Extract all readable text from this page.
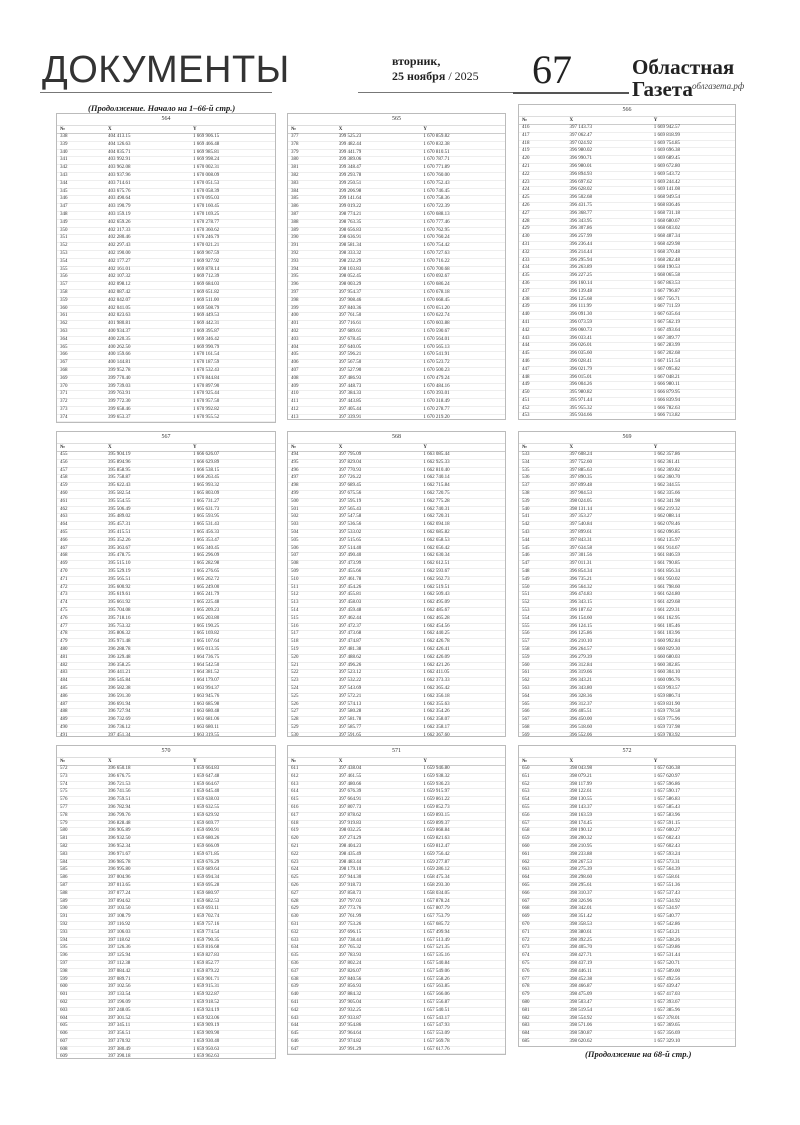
ДОКУМЕНТЫ	вторник,
25 ноября / 2025 67	Областная
Газета облгазета.рф
(Продолжение. Начало на 1–66-й стр.)
564
№	X	Y
338	404 413.15	1 669 906.15
339	404 126.63	1 669 466.48
340	404 035.71	1 669 985.81
341	403 992.91	1 669 998.24
342	403 962.08	1 670 002.31
343	403 937.96	1 670 008.09
344	403 714.61	1 670 051.53
345	403 675.76	1 670 058.39
346	403 490.64	1 670 095.03
347	403 190.79	1 670 160.45
348	403 159.19	1 670 169.25
349	402 659.26	1 670 278.77
350	402 317.33	1 670 360.62
351	402 280.46	1 670 246.79
352	402 297.43	1 670 021.21
353	402 190.00	1 669 967.59
354	402 177.27	1 669 927.92
355	402 161.01	1 669 878.14
356	402 107.32	1 669 712.39
357	402 098.12	1 669 684.03
358	402 087.42	1 669 651.82
359	402 042.07	1 669 511.00
360	402 041.05	1 669 508.79
361	402 023.63	1 669 449.53
362	401 980.81	1 669 442.31
363	400 934.37	1 669 395.87
364	400 220.35	1 669 346.42
365	400 262.50	1 669 990.79
366	400 159.66	1 670 161.54
367	400 144.81	1 670 187.59
368	399 952.78	1 670 532.43
369	399 770.40	1 670 844.84
370	399 739.03	1 670 897.90
371	399 763.91	1 670 925.44
372	399 772.30	1 670 957.50
373	399 658.46	1 670 992.82
374	399 653.37	1 670 955.52

565
№	X	Y
377	399 525.23	1 670 859.82
378	399 482.44	1 670 832.38
379	399 441.79	1 670 810.51
380	399 389.06	1 670 787.71
381	399 348.47	1 670 771.89
382	399 293.78	1 670 760.00
383	399 250.51	1 670 752.43
384	399 206.98	1 670 746.45
385	399 141.64	1 670 758.36
386	399 019.22	1 670 722.39
387	398 774.21	1 670 688.13
388	398 763.35	1 670 777.46
389	398 656.83	1 670 762.95
390	398 636.91	1 670 760.24
391	398 581.34	1 670 754.42
392	398 333.32	1 670 727.63
393	398 232.29	1 670 716.22
394	398 103.83	1 670 700.68
395	398 052.45	1 670 692.67
396	398 003.29	1 670 686.24
397	397 954.37	1 670 678.18
398	397 908.46	1 670 668.45
399	397 840.36	1 670 651.20
400	397 761.50	1 670 622.74
401	397 716.61	1 670 603.88
402	397 689.61	1 670 590.67
403	397 678.45	1 670 564.01
404	397 640.05	1 670 565.13
405	397 596.21	1 670 541.91
406	397 567.50	1 670 523.72
407	397 527.90	1 670 500.23
408	397 486.93	1 670 479.24
409	397 448.73	1 670 484.16
410	397 384.33	1 670 393.01
411	397 443.85	1 670 318.49
412	397 405.44	1 670 278.77
413	397 339.91	1 670 219.20

566
№	X	Y
416	397 143.73	1 669 942.57
417	397 062.47	1 669 818.99
418	397 024.92	1 669 754.85
419	396 980.02	1 669 696.38
420	396 990.71	1 669 689.45
421	396 980.01	1 669 672.80
422	396 894.93	1 669 543.72
423	396 697.62	1 669 244.42
424	396 628.02	1 669 141.08
425	396 502.68	1 668 949.54
426	396 431.75	1 668 836.46
427	396 368.77	1 668 731.18
428	396 343.95	1 668 680.67
429	396 307.86	1 668 603.02
430	396 257.99	1 668 487.34
431	396 236.44	1 668 429.98
432	396 214.44	1 668 370.48
433	396 295.94	1 668 282.48
434	396 263.89	1 668 190.53
435	396 227.25	1 668 065.58
436	396 160.14	1 667 863.53
437	396 139.48	1 667 796.87
438	396 125.68	1 667 756.71
439	396 111.99	1 667 711.59
440	396 091.30	1 667 635.64
441	396 073.59	1 667 562.19
442	396 060.73	1 667 493.64
443	396 033.41	1 667 309.77
444	396 026.01	1 667 283.99
445	396 035.60	1 667 202.68
446	396 028.41	1 667 151.54
447	396 021.79	1 667 095.82
448	396 015.01	1 667 048.21
449	396 004.26	1 666 980.11
450	395 980.82	1 666 879.95
451	395 971.44	1 666 839.94
452	395 955.32	1 666 782.63
453	395 934.66	1 666 713.82

567
№	X	Y
455	395 904.19	1 666 626.07
456	395 894.96	1 666 629.89
457	395 858.95	1 666 538.15
458	395 758.87	1 666 263.45
459	395 622.43	1 665 993.32
460	395 582.54	1 665 803.09
461	395 554.55	1 665 731.27
462	395 506.49	1 665 631.73
463	395 489.02	1 665 593.95
464	395 457.31	1 665 531.43
465	395 415.51	1 665 456.33
466	395 352.26	1 665 353.47
467	395 363.67	1 665 340.45
468	395 478.75	1 665 296.09
469	395 515.10	1 665 282.98
470	395 529.19	1 665 276.65
471	395 565.51	1 665 262.72
472	395 600.92	1 665 249.00
473	395 619.61	1 665 241.79
474	395 661.92	1 665 225.48
475	395 704.08	1 665 209.23
476	395 718.16	1 665 203.80
477	395 753.32	1 665 190.25
478	395 806.32	1 665 169.82
479	395 971.48	1 665 107.64
480	396 288.78	1 665 013.35
481	396 329.48	1 664 736.75
482	396 358.25	1 664 542.50
483	396 441.21	1 664 381.52
484	396 545.84	1 664 179.07
485	396 582.38	1 663 994.37
486	396 591.30	1 663 945.76
487	396 691.94	1 663 685.98
488	396 727.94	1 663 680.48
489	396 732.69	1 663 681.06
490	396 736.12	1 663 680.11
491	397 451.34	1 663 319.55

568
№	X	Y
494	397 795.09	1 663 085.44
495	397 829.04	1 662 925.33
496	397 770.93	1 662 810.40
497	397 726.22	1 662 740.14
498	397 689.45	1 662 715.84
499	397 675.56	1 662 720.75
500	397 595.19	1 662 775.28
501	397 565.43	1 662 740.31
502	397 547.58	1 662 720.31
503	397 536.56	1 662 694.18
504	397 533.02	1 662 685.82
505	397 515.65	1 662 658.53
506	397 514.40	1 662 656.42
507	397 490.40	1 662 630.34
508	397 473.99	1 662 612.51
509	397 455.66	1 662 593.67
510	397 461.78	1 662 562.73
511	397 454.26	1 662 519.51
512	397 455.81	1 662 509.43
513	397 458.03	1 662 495.09
514	397 459.48	1 662 485.67
515	397 462.44	1 662 465.28
516	397 472.37	1 662 454.56
517	397 473.68	1 662 440.25
518	397 474.87	1 662 426.78
519	397 481.38	1 662 426.41
520	397 488.62	1 662 426.09
521	397 496.26	1 662 421.26
522	397 523.12	1 662 411.05
523	397 532.22	1 662 373.33
524	397 543.69	1 662 365.42
525	397 572.21	1 662 356.18
526	397 574.13	1 662 355.63
527	397 580.28	1 662 354.26
528	397 581.78	1 662 358.07
529	397 585.77	1 662 358.17
530	397 591.65	1 662 367.60

569
№	X	Y
533	397 608.24	1 662 357.86
534	397 752.60	1 662 361.41
535	397 885.63	1 662 369.82
536	397 890.35	1 662 360.70
537	397 899.48	1 662 344.55
538	397 904.53	1 662 335.66
539	398 024.05	1 662 341.98
540	398 131.14	1 662 219.32
541	397 353.27	1 662 088.14
542	397 540.84	1 662 078.46
543	397 899.61	1 662 096.85
544	397 843.31	1 662 135.97
545	397 634.58	1 661 914.67
546	397 301.56	1 661 846.59
547	397 011.31	1 661 790.85
548	396 854.34	1 661 856.34
549	396 735.21	1 661 950.02
550	396 564.32	1 661 798.60
551	396 474.83	1 661 624.80
552	396 343.15	1 661 429.68
553	396 187.62	1 661 229.31
554	396 154.60	1 661 162.95
555	396 124.15	1 661 105.46
556	396 125.86	1 661 103.96
557	396 210.10	1 660 992.84
558	396 264.57	1 660 829.30
559	396 279.39	1 660 680.03
560	396 312.84	1 660 302.85
561	396 319.66	1 660 304.10
562	396 343.21	1 660 096.76
563	396 343.80	1 659 993.57
564	396 328.36	1 659 886.74
565	396 312.37	1 659 831.90
566	396 405.51	1 659 778.58
567	396 450.00	1 659 775.96
568	396 518.60	1 659 737.98
569	396 552.06	1 659 783.92

570
№	X	Y
572	396 650.18	1 659 664.83
573	396 676.75	1 659 647.48
574	396 721.53	1 659 664.67
575	396 741.56	1 659 645.40
576	396 759.51	1 659 638.03
577	396 782.94	1 659 632.55
578	396 799.76	1 659 629.92
579	396 828.48	1 659 669.77
580	396 905.89	1 659 690.91
581	396 932.50	1 659 680.26
582	396 952.34	1 659 666.09
583	396 971.67	1 659 671.85
584	396 985.78	1 659 676.29
585	396 995.80	1 659 689.64
586	397 004.96	1 659 694.34
587	397 013.65	1 659 695.28
588	397 077.24	1 659 680.97
589	397 094.62	1 659 682.53
590	397 103.50	1 659 693.11
591	397 108.79	1 659 702.74
592	397 116.92	1 659 757.16
593	397 106.03	1 659 774.54
594	397 118.62	1 659 790.35
595	397 126.36	1 659 816.68
596	397 125.94	1 659 827.83
597	397 112.38	1 659 852.77
598	397 084.42	1 659 879.22
599	397 089.71	1 659 901.71
600	397 102.56	1 659 915.31
601	397 133.54	1 659 922.87
602	397 196.09	1 659 918.52
603	397 248.05	1 659 924.19
604	397 301.52	1 659 923.06
605	397 345.11	1 659 909.19
606	397 356.51	1 659 909.90
607	397 370.92	1 659 930.40
608	397 380.49	1 659 950.63
609	397 390.18	1 659 962.63

571
№	X	Y
611	397 438.04	1 659 946.80
612	397 461.55	1 659 938.32
613	397 480.66	1 659 936.23
614	397 676.39	1 659 915.97
615	397 664.91	1 659 861.22
616	397 807.73	1 659 852.73
617	397 878.62	1 659 893.15
618	397 919.83	1 659 899.37
619	398 032.25	1 659 868.84
620	397 274.29	1 659 821.63
621	398 404.23	1 659 812.47
622	398 435.49	1 659 756.42
623	398 483.44	1 659 277.87
624	398 179.10	1 659 286.12
625	397 944.30	1 658 475.34
626	397 918.73	1 658 293.30
627	397 858.73	1 658 034.05
628	397 797.03	1 657 878.24
629	397 773.76	1 657 807.79
630	397 761.99	1 657 753.79
631	397 753.26	1 657 685.72
632	397 696.15	1 657 499.94
633	397 738.44	1 657 513.49
634	397 765.32	1 657 521.35
635	397 783.93	1 657 535.16
636	397 802.24	1 657 540.84
637	397 826.07	1 657 549.06
638	397 840.56	1 657 558.26
639	397 856.93	1 657 563.85
640	397 884.32	1 657 566.06
641	397 905.04	1 657 556.87
642	397 932.25	1 657 540.51
643	397 933.87	1 657 543.17
644	397 954.86	1 657 547.93
645	397 964.64	1 657 553.09
646	397 974.82	1 657 569.78
647	397 991.29	1 657 617.76

572
№	X	Y
650	398 043.98	1 657 636.38
651	398 079.21	1 657 620.97
652	398 117.99	1 657 596.86
653	398 122.61	1 657 590.17
654	398 130.55	1 657 586.83
655	398 143.37	1 657 585.43
656	398 163.59	1 657 583.96
657	398 174.45	1 657 591.15
658	398 190.12	1 657 600.27
659	398 200.32	1 657 602.43
660	398 210.95	1 657 602.43
661	398 233.88	1 657 593.24
662	398 267.53	1 657 573.31
663	398 275.39	1 657 564.39
664	398 298.60	1 657 558.61
665	398 295.61	1 657 551.36
666	398 310.37	1 657 537.43
667	398 326.96	1 657 534.92
668	398 342.01	1 657 534.97
669	398 351.42	1 657 540.77
670	398 358.53	1 657 542.86
671	398 380.61	1 657 543.21
672	398 392.25	1 657 538.26
673	398 405.70	1 657 539.86
674	398 427.71	1 657 531.44
675	398 437.19	1 657 520.71
676	398 446.11	1 657 509.00
677	398 452.38	1 657 492.56
678	398 466.87	1 657 439.47
679	398 475.09	1 657 417.03
680	398 503.47	1 657 393.67
681	398 519.54	1 657 385.96
682	398 554.92	1 657 378.01
683	398 571.06	1 657 369.65
684	398 590.87	1 657 356.69
685	398 620.62	1 657 329.10

(Продолжение на 68-й стр.)
